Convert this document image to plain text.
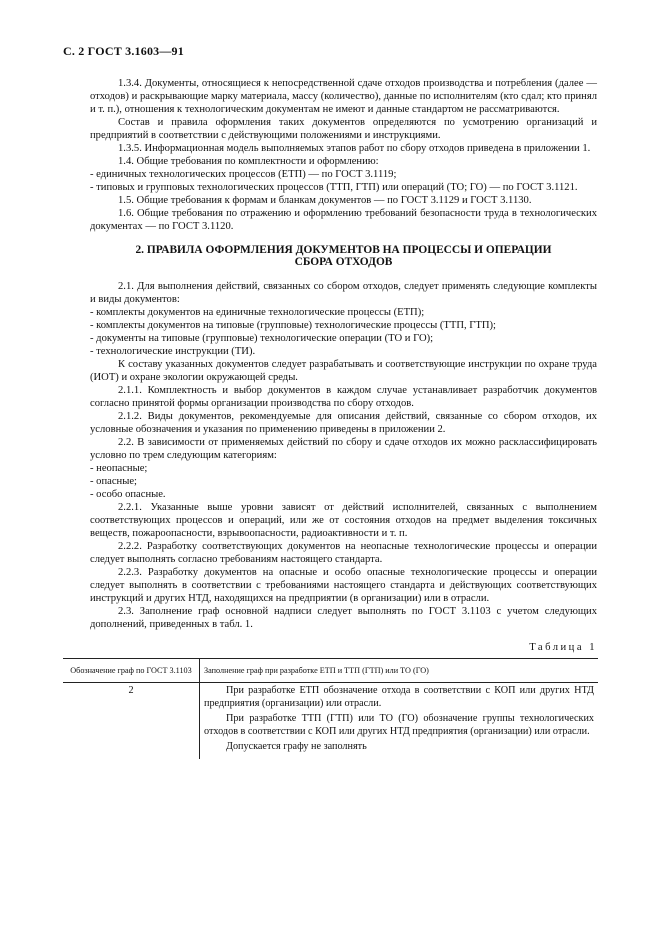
С. 2 ГОСТ 3.1603—91

1.3.4. Документы, относящиеся к непосредственной сдаче отходов производства и потребления (далее — отходов) и раскрывающие марку материала, массу (количество), данные по исполнителям (кто сдал; кто принял и т. п.), отношения к технологическим документам не имеют и данные стандартом не рассматриваются.

Состав и правила оформления таких документов определяются по усмотрению организаций и предприятий в соответствии с действующими положениями и инструкциями.

1.3.5. Информационная модель выполняемых этапов работ по сбору отходов приведена в приложении 1.

1.4. Общие требования по комплектности и оформлению:

- единичных технологических процессов (ЕТП) — по ГОСТ 3.1119;

- типовых и групповых технологических процессов (ТТП, ГТП) или операций (ТО; ГО) — по ГОСТ 3.1121.

1.5. Общие требования к формам и бланкам документов — по ГОСТ 3.1129 и ГОСТ 3.1130.

1.6. Общие требования по отражению и оформлению требований безопасности труда в технологических документах — по ГОСТ 3.1120.

2. ПРАВИЛА ОФОРМЛЕНИЯ ДОКУМЕНТОВ НА ПРОЦЕССЫ И ОПЕРАЦИИ
СБОРА ОТХОДОВ

2.1. Для выполнения действий, связанных со сбором отходов, следует применять следующие комплекты и виды документов:

- комплекты документов на единичные технологические процессы (ЕТП);

- комплекты документов на типовые (групповые) технологические процессы (ТТП, ГТП);

- документы на типовые (групповые) технологические операции (ТО и ГО);

- технологические инструкции (ТИ).

К составу указанных документов следует разрабатывать и соответствующие инструкции по охране труда (ИОТ) и охране экологии окружающей среды.

2.1.1. Комплектность и выбор документов в каждом случае устанавливает разработчик документов согласно принятой формы организации производства по сбору отходов.

2.1.2. Виды документов, рекомендуемые для описания действий, связанные со сбором отходов, их условные обозначения и указания по применению приведены в приложении 2.

2.2. В зависимости от применяемых действий по сбору и сдаче отходов их можно расклассифицировать условно по трем следующим категориям:

- неопасные;

- опасные;

- особо опасные.

2.2.1. Указанные выше уровни зависят от действий исполнителей, связанных с выполнением соответствующих процессов и операций, или же от состояния отходов на предмет выделения токсичных веществ, пожароопасности, взрывоопасности, радиоактивности и т. п.

2.2.2. Разработку соответствующих документов на неопасные технологические процессы и операции следует выполнять согласно требованиям настоящего стандарта.

2.2.3. Разработку документов на опасные и особо опасные технологические процессы и операции следует выполнять в соответствии с требованиями настоящего стандарта и действующих соответствующих инструкций и других НТД, находящихся на предприятии (в организации) или в отрасли.

2.3. Заполнение граф основной надписи следует выполнять по ГОСТ 3.1103 с учетом следующих дополнений, приведенных в табл. 1.

Таблица 1
Обозначение граф по ГОСТ 3.1103	Заполнение граф при разработке ЕТП и ТТП (ГТП) или ТО (ГО)
2	При разработке ЕТП обозначение отхода в соответствии с КОП или других НТД предприятия (организации) или отрасли.

При разработке ТТП (ГТП) или ТО (ГО) обозначение группы технологических отходов в соответствии с КОП или других НТД предприятия (организации) или отрасли.

Допускается графу не заполнять
